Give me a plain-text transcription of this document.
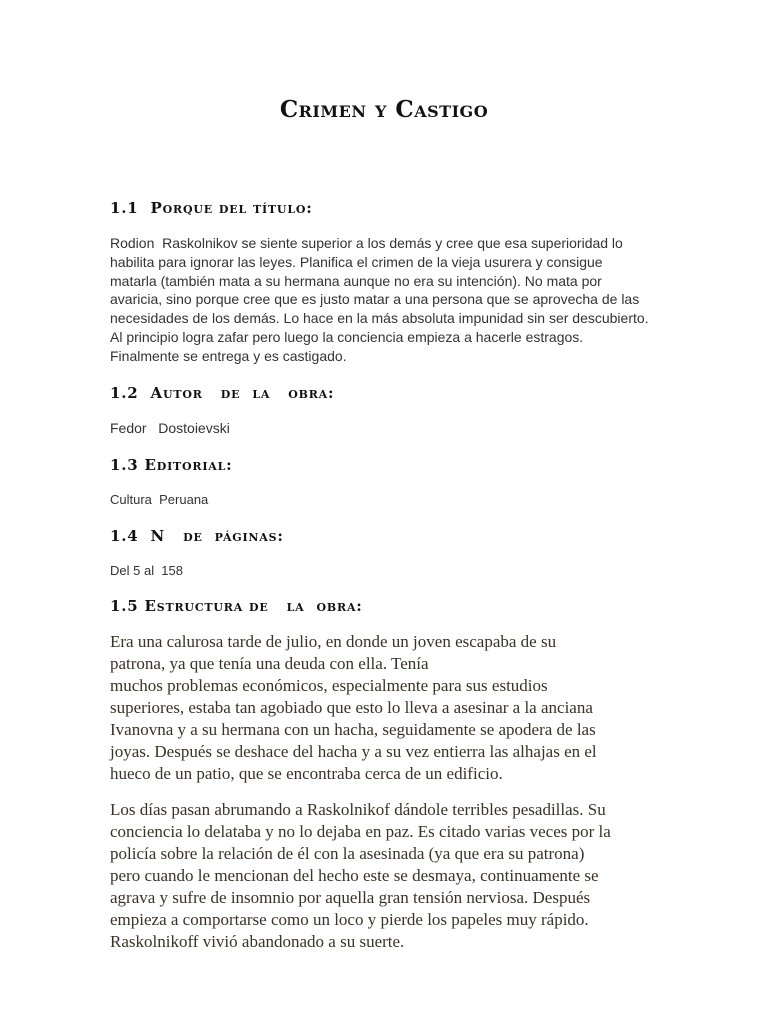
Crimen y Castigo
1.1  Porque del título:
Rodion  Raskolnikov se siente superior a los demás y cree que esa superioridad lo
habilita para ignorar las leyes. Planifica el crimen de la vieja usurera y consigue
matarla (también mata a su hermana aunque no era su intención). No mata por
avaricia, sino porque cree que es justo matar a una persona que se aprovecha de las
necesidades de los demás. Lo hace en la más absoluta impunidad sin ser descubierto.
Al principio logra zafar pero luego la conciencia empieza a hacerle estragos.
Finalmente se entrega y es castigado.
1.2  Autor   de  la   obra:
Fedor   Dostoievski
1.3 Editorial:
Cultura  Peruana
1.4  N   de  páginas:
Del 5 al  158
1.5 Estructura de   la  obra:
Era una calurosa tarde de julio, en donde un joven escapaba de su
patrona, ya que tenía una deuda con ella. Tenía
muchos problemas económicos, especialmente para sus estudios
superiores, estaba tan agobiado que esto lo lleva a asesinar a la anciana
Ivanovna y a su hermana con un hacha, seguidamente se apodera de las
joyas. Después se deshace del hacha y a su vez entierra las alhajas en el
hueco de un patio, que se encontraba cerca de un edificio.
Los días pasan abrumando a Raskolnikof dándole terribles pesadillas. Su
conciencia lo delataba y no lo dejaba en paz. Es citado varias veces por la
policía sobre la relación de él con la asesinada (ya que era su patrona)
pero cuando le mencionan del hecho este se desmaya, continuamente se
agrava y sufre de insomnio por aquella gran tensión nerviosa. Después
empieza a comportarse como un loco y pierde los papeles muy rápido.
Raskolnikoff vivió abandonado a su suerte.
